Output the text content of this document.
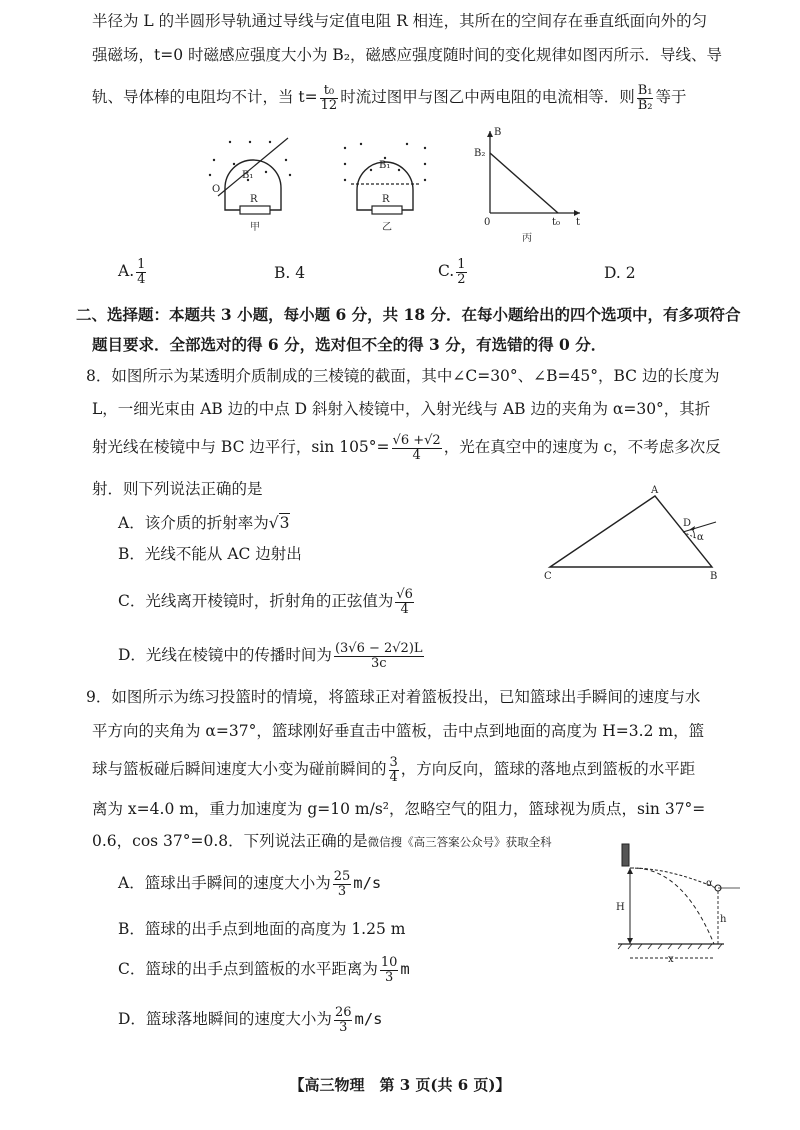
半径为 L 的半圆形导轨通过导线与定值电阻 R 相连，其所在的空间存在垂直纸面向外的匀
强磁场，t=0 时磁感应强度大小为 B₂，磁感应强度随时间的变化规律如图丙所示．导线、导
轨、导体棒的电阻均不计，当 $t= \frac{\text{t₀}}{12}$ 时流过图甲与图乙中两电阻的电流相等．则 $\frac{\text{B₁}}{\text{B₂}}$ 等于
B₁
O
R
甲
B₁
R
乙
B
B₂
0	t₀ t
丙
A. $\frac{1}{4}$	B. 4	C. $\frac{1}{2}$	D. 2
二、选择题：本题共 3 小题，每小题 6 分，共 18 分．在每小题给出的四个选项中，有多项符合
题目要求．全部选对的得 6 分，选对但不全的得 3 分，有选错的得 0 分．
8．如图所示为某透明介质制成的三棱镜的截面，其中∠C=30°、∠B=45°，BC 边的长度为
L，一细光束由 AB 边的中点 D 斜射入棱镜中，入射光线与 AB 边的夹角为 α=30°，其折
射光线在棱镜中与 BC 边平行，$\sin 105^\circ= \frac{√6 +√2}{4}$ ，光在真空中的速度为 c，不考虑多次反
射．则下列说法正确的是
A．该介质的折射率为√3
B．光线不能从 AC 边射出
C．光线离开棱镜时，折射角的正弦值为 $\frac{√6}{4}$
D．光线在棱镜中的传播时间为 $\frac{(3√6 - 2√2)L}{3c}$
A
B
C
D
α
9．如图所示为练习投篮时的情境，将篮球正对着篮板投出，已知篮球出手瞬间的速度与水
平方向的夹角为 α=37°，篮球刚好垂直击中篮板，击中点到地面的高度为 H=3.2 m，篮
球与篮板碰后瞬间速度大小变为碰前瞬间的 $\frac{3}{4}$ ，方向反向，篮球的落地点到篮板的水平距
离为 x=4.0 m，重力加速度为 g=10 m/s²，忽略空气的阻力，篮球视为质点，sin 37°=
0.6，cos 37°=0.8．下列说法正确的是微信搜《高三答案公众号》获取全科
A．篮球出手瞬间的速度大小为 $\frac{25}{3} m/s$
B．篮球的出手点到地面的高度为 1.25 m
C．篮球的出手点到篮板的水平距离为 $\frac{10}{3}$ m
D．篮球落地瞬间的速度大小为 $\frac{26}{3} m/s$
H
h
x
α
【高三物理　第 3 页(共 6 页)】
